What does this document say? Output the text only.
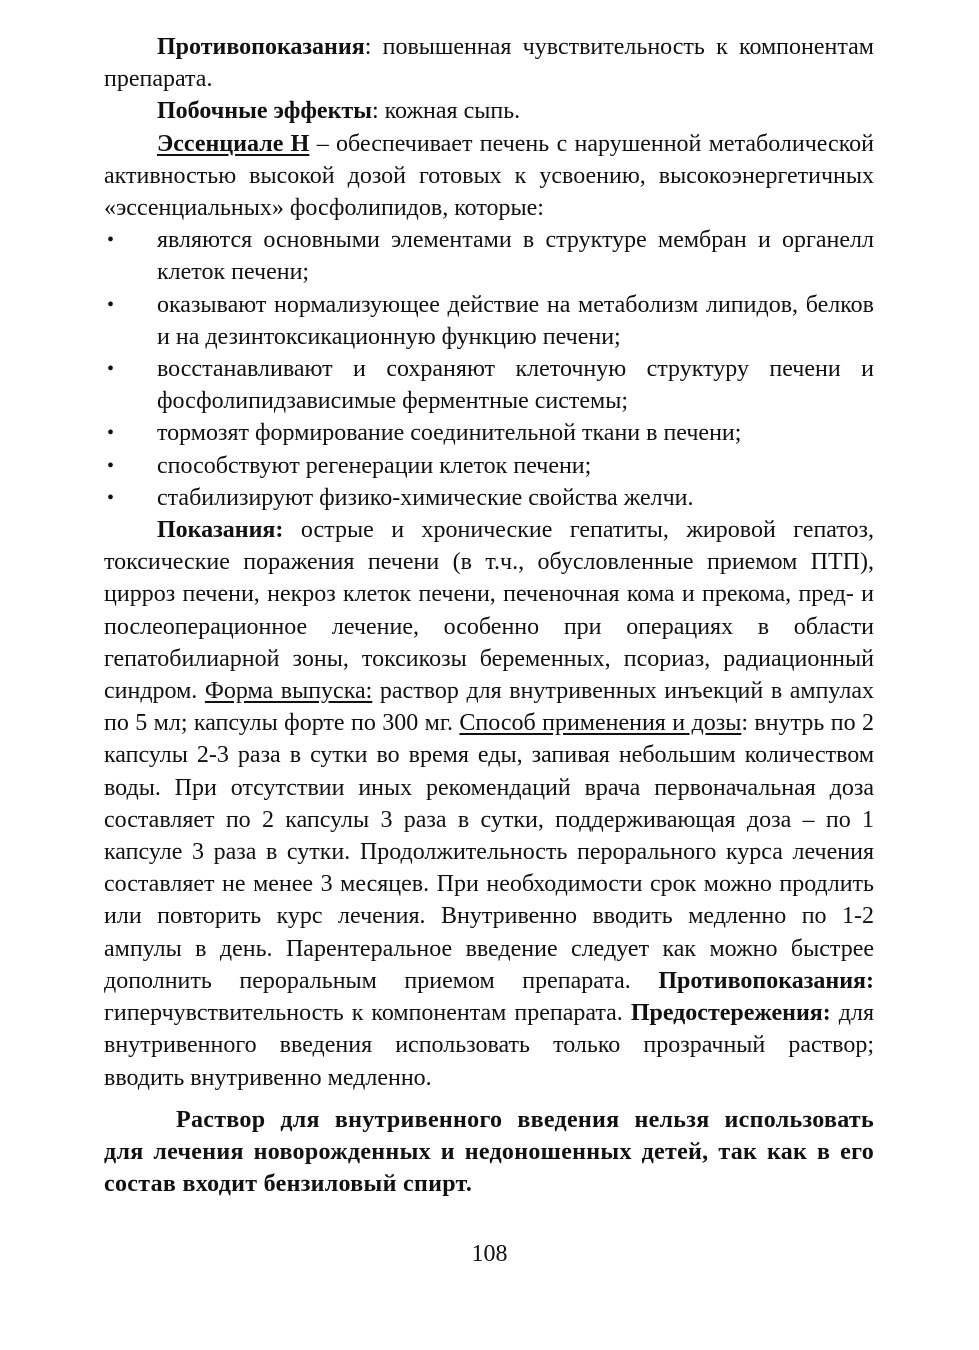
Противопоказания: повышенная чувствительность к компонентам препарата.

Побочные эффекты: кожная сыпь.

Эссенциале Н – обеспечивает печень с нарушенной метаболической активностью высокой дозой готовых к усвоению, высокоэнергетичных «эссенциальных» фосфолипидов, которые:

• являются основными элементами в структуре мембран и органелл клеток печени;
• оказывают нормализующее действие на метаболизм липидов, белков и на дезинтоксикационную функцию печени;
• восстанавливают и сохраняют клеточную структуру печени и фосфолипидзависимые ферментные системы;
• тормозят формирование соединительной ткани в печени;
• способствуют регенерации клеток печени;
• стабилизируют физико-химические свойства желчи.

Показания: острые и хронические гепатиты, жировой гепатоз, токсические поражения печени (в т.ч., обусловленные приемом ПТП), цирроз печени, некроз клеток печени, печеночная кома и прекома, пред- и послеоперационное лечение, особенно при операциях в области гепатобилиарной зоны, токсикозы беременных, псориаз, радиационный синдром. Форма выпуска: раствор для внутривенных инъекций в ампулах по 5 мл; капсулы форте по 300 мг. Способ применения и дозы: внутрь по 2 капсулы 2-3 раза в сутки во время еды, запивая небольшим количеством воды. При отсутствии иных рекомендаций врача первоначальная доза составляет по 2 капсулы 3 раза в сутки, поддерживающая доза – по 1 капсуле 3 раза в сутки. Продолжительность перорального курса лечения составляет не менее 3 месяцев. При необходимости срок можно продлить или повторить курс лечения. Внутривенно вводить медленно по 1-2 ампулы в день. Парентеральное введение следует как можно быстрее дополнить пероральным приемом препарата. Противопоказания: гиперчувствительность к компонентам препарата. Предостережения: для внутривенного введения использовать только прозрачный раствор; вводить внутривенно медленно.

Раствор для внутривенного введения нельзя использовать для лечения новорожденных и недоношенных детей, так как в его состав входит бензиловый спирт.

108
